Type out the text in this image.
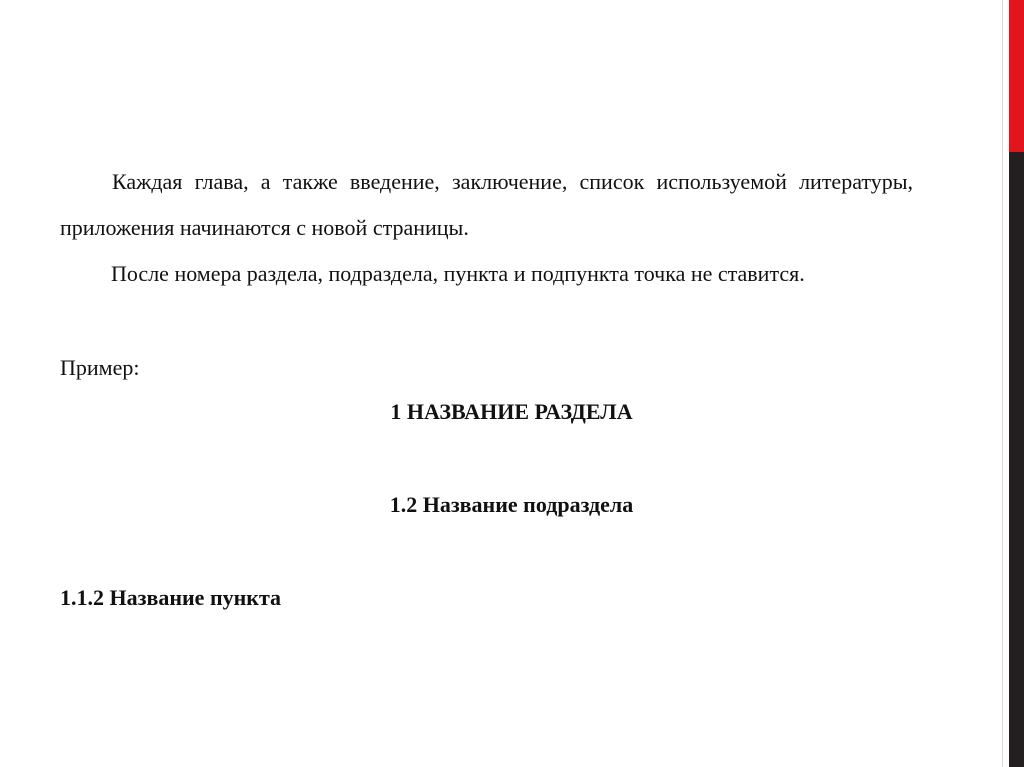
Каждая глава, а также введение, заключение, список используемой литературы, приложения начинаются с новой страницы.

После номера раздела, подраздела, пункта и подпункта точка не ставится.

Пример:
1 НАЗВАНИЕ РАЗДЕЛА
1.2 Название подраздела
1.1.2 Название пункта
